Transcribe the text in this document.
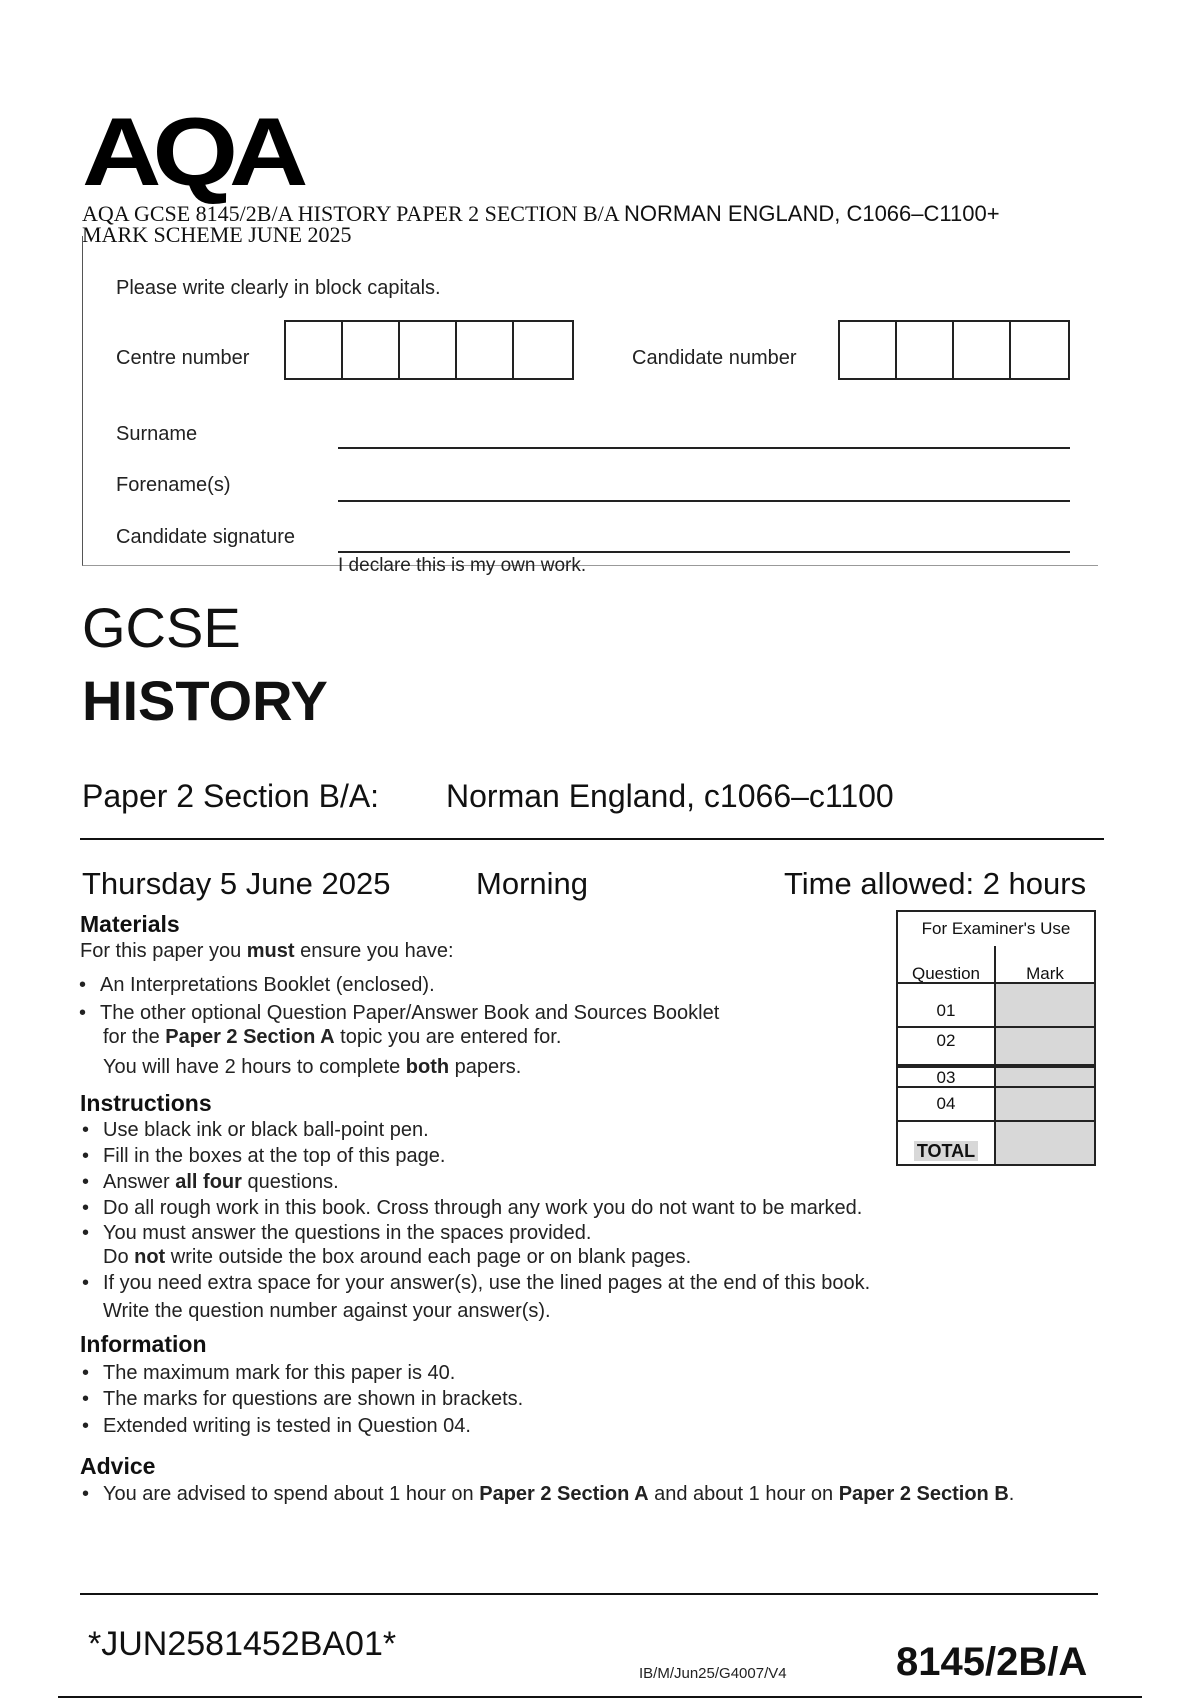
AQA
AQA GCSE 8145/2B/A HISTORY PAPER 2 SECTION B/A NORMAN ENGLAND, C1066–C1100+
MARK SCHEME JUNE 2025
Please write clearly in block capitals.
Centre number	Candidate number
Surname
Forename(s)
Candidate signature
I declare this is my own work.
GCSE
HISTORY
Paper 2 Section B/A: Norman England, c1066–c1100
Thursday 5 June 2025	Morning	Time allowed: 2 hours
Materials
For this paper you must ensure you have:
• An Interpretations Booklet (enclosed).
• The other optional Question Paper/Answer Book and Sources Booklet
for the Paper 2 Section A topic you are entered for.
You will have 2 hours to complete both papers.
Instructions
• Use black ink or black ball-point pen.
• Fill in the boxes at the top of this page.
• Answer all four questions.
• Do all rough work in this book. Cross through any work you do not want to be marked.
• You must answer the questions in the spaces provided.
Do not write outside the box around each page or on blank pages.
• If you need extra space for your answer(s), use the lined pages at the end of this book.
Write the question number against your answer(s).
Information
• The maximum mark for this paper is 40.
• The marks for questions are shown in brackets.
• Extended writing is tested in Question 04.
Advice
• You are advised to spend about 1 hour on Paper 2 Section A and about 1 hour on Paper 2 Section B.
For Examiner's Use
Question	Mark
01
02
03
04
TOTAL
*JUN2581452BA01*
IB/M/Jun25/G4007/V4	8145/2B/A
